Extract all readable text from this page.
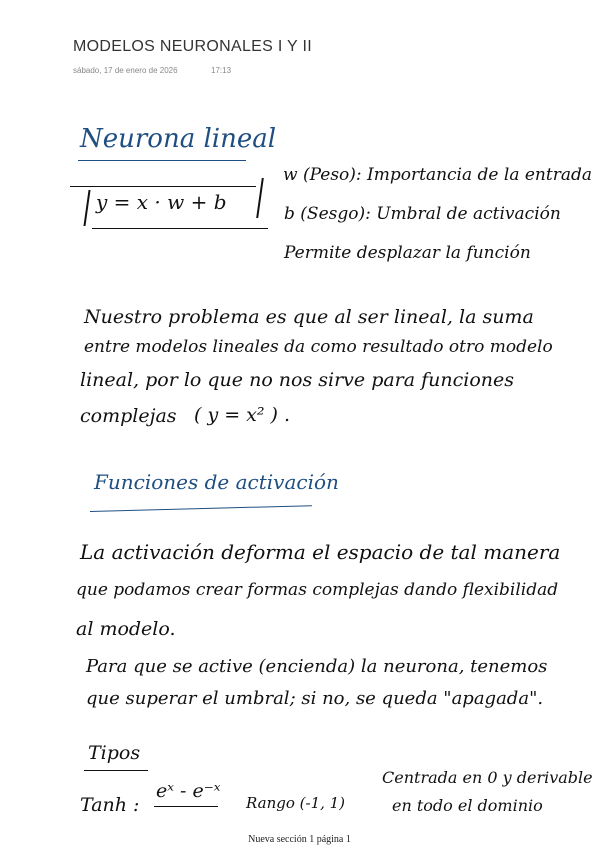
MODELOS NEURONALES I Y II
sábado, 17 de enero de 2026	17:13
Neurona lineal
y = x · w + b
w (Peso): Importancia de la entrada
b (Sesgo): Umbral de activación
Permite desplazar la función
Nuestro problema es que al ser lineal, la suma
entre modelos lineales da como resultado otro modelo
lineal, por lo que no nos sirve para funciones
complejas ( y = x² ) .
Funciones de activación
La activación deforma el espacio de tal manera
que podamos crear formas complejas dando flexibilidad
al modelo.
Para que se active (encienda) la neurona, tenemos
que superar el umbral; si no, se queda "apagada".
Tipos
Tanh :
eˣ - e⁻ˣ
Rango (-1, 1)
Centrada en 0 y derivable
en todo el dominio
Nueva sección 1 página 1
